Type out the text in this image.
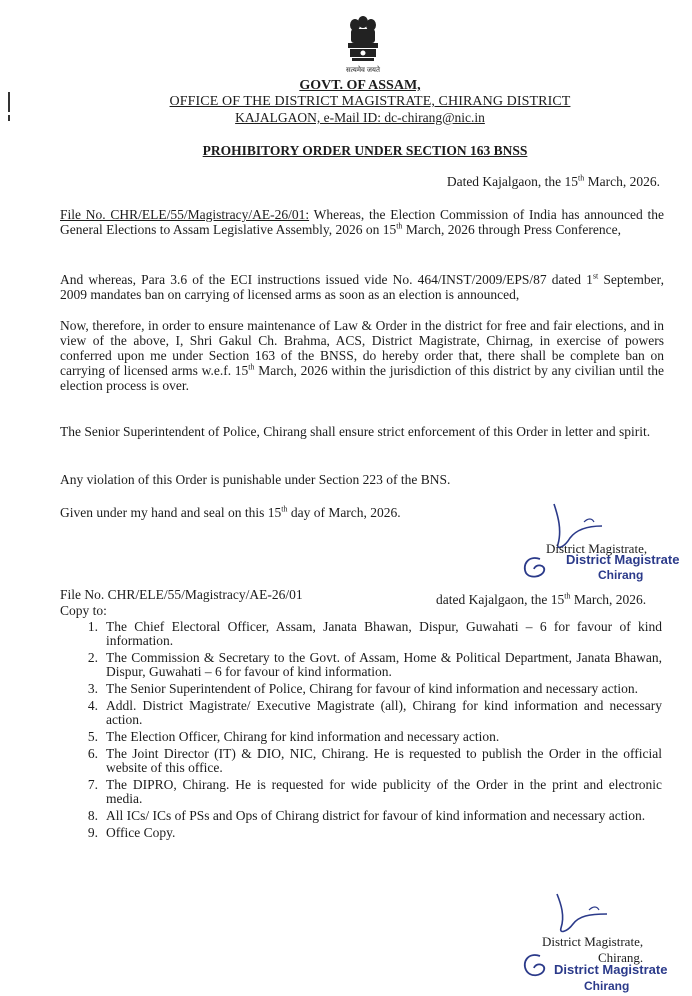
सत्यमेव जयते
GOVT. OF ASSAM,
OFFICE OF THE DISTRICT MAGISTRATE, CHIRANG DISTRICT
KAJALGAON, e-Mail ID: dc-chirang@nic.in
PROHIBITORY ORDER UNDER SECTION 163 BNSS
Dated Kajalgaon, the 15th March, 2026.
File No. CHR/ELE/55/Magistracy/AE-26/01: Whereas, the Election Commission of India has announced the General Elections to Assam Legislative Assembly, 2026 on 15th March, 2026 through Press Conference,
And whereas, Para 3.6 of the ECI instructions issued vide No. 464/INST/2009/EPS/87 dated 1st September, 2009 mandates ban on carrying of licensed arms as soon as an election is announced,
Now, therefore, in order to ensure maintenance of Law & Order in the district for free and fair elections, and in view of the above, I, Shri Gakul Ch. Brahma, ACS, District Magistrate, Chirnag, in exercise of powers conferred upon me under Section 163 of the BNSS, do hereby order that, there shall be complete ban on carrying of licensed arms w.e.f. 15th March, 2026 within the jurisdiction of this district by any civilian until the election process is over.
The Senior Superintendent of Police, Chirang shall ensure strict enforcement of this Order in letter and spirit.
Any violation of this Order is punishable under Section 223 of the BNS.
Given under my hand and seal on this 15th day of March, 2026.
District Magistrate,
District Magistrate
Chirang
File No. CHR/ELE/55/Magistracy/AE-26/01	dated Kajalgaon, the 15th March, 2026.
Copy to:
1. The Chief Electoral Officer, Assam, Janata Bhawan, Dispur, Guwahati – 6 for favour of kind information.
2. The Commission & Secretary to the Govt. of Assam, Home & Political Department, Janata Bhawan, Dispur, Guwahati – 6 for favour of kind information.
3. The Senior Superintendent of Police, Chirang for favour of kind information and necessary action.
4. Addl. District Magistrate/ Executive Magistrate (all), Chirang for kind information and necessary action.
5. The Election Officer, Chirang for kind information and necessary action.
6. The Joint Director (IT) & DIO, NIC, Chirang. He is requested to publish the Order in the official website of this office.
7. The DIPRO, Chirang. He is requested for wide publicity of the Order in the print and electronic media.
8. All ICs/ ICs of PSs and Ops of Chirang district for favour of kind information and necessary action.
9. Office Copy.
District Magistrate,
Chirang.
District Magistrate
Chirang
